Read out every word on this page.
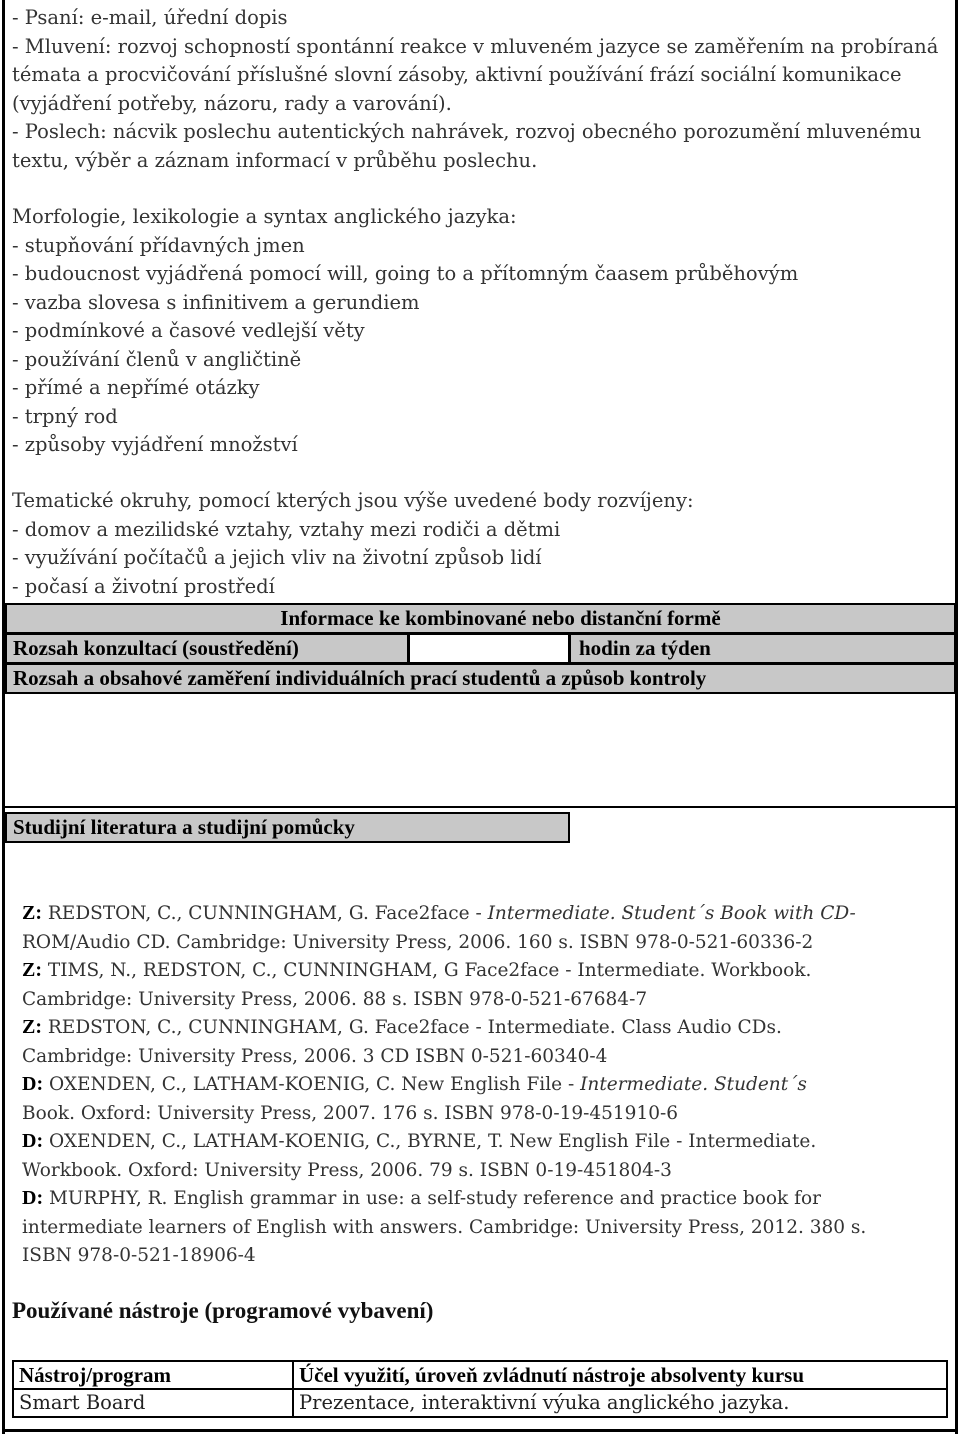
- Psaní: e-mail, úřední dopis
- Mluvení: rozvoj schopností spontánní reakce v mluveném jazyce se zaměřením na probíraná
témata a procvičování příslušné slovní zásoby, aktivní používání frází sociální komunikace
(vyjádření potřeby, názoru, rady a varování).
- Poslech: nácvik poslechu autentických nahrávek, rozvoj obecného porozumění mluvenému
textu, výběr a záznam informací v průběhu poslechu.
Morfologie, lexikologie a syntax anglického jazyka:
- stupňování přídavných jmen
- budoucnost vyjádřená pomocí will, going to a přítomným čaasem průběhovým
- vazba slovesa s infinitivem a gerundiem
- podmínkové a časové vedlejší věty
- používání členů v angličtině
- přímé a nepřímé otázky
- trpný rod
- způsoby vyjádření množství
Tematické okruhy, pomocí kterých jsou výše uvedené body rozvíjeny:
- domov a mezilidské vztahy, vztahy mezi rodiči a dětmi
- využívání počítačů a jejich vliv na životní způsob lidí
- počasí a životní prostředí
Informace ke kombinované nebo distanční formě
Rozsah konzultací (soustředění)	hodin za týden
Rozsah a obsahové zaměření individuálních prací studentů a způsob kontroly
Studijní literatura a studijní pomůcky
Z: REDSTON, C., CUNNINGHAM, G. Face2face - Intermediate. Student´s Book with CD-
ROM/Audio CD. Cambridge: University Press, 2006. 160 s. ISBN 978-0-521-60336-2
Z: TIMS, N., REDSTON, C., CUNNINGHAM, G Face2face - Intermediate. Workbook.
Cambridge: University Press, 2006. 88 s. ISBN 978-0-521-67684-7
Z: REDSTON, C., CUNNINGHAM, G. Face2face - Intermediate. Class Audio CDs.
Cambridge: University Press, 2006. 3 CD ISBN 0-521-60340-4
D: OXENDEN, C., LATHAM-KOENIG, C. New English File - Intermediate. Student´s
Book. Oxford: University Press, 2007. 176 s. ISBN 978-0-19-451910-6
D: OXENDEN, C., LATHAM-KOENIG, C., BYRNE, T. New English File - Intermediate.
Workbook. Oxford: University Press, 2006. 79 s. ISBN 0-19-451804-3
D: MURPHY, R. English grammar in use: a self-study reference and practice book for
intermediate learners of English with answers. Cambridge: University Press, 2012. 380 s.
ISBN 978-0-521-18906-4
Používané nástroje (programové vybavení)
Nástroj/program	Účel využití, úroveň zvládnutí nástroje absolventy kursu
Smart Board	Prezentace, interaktivní výuka anglického jazyka.
